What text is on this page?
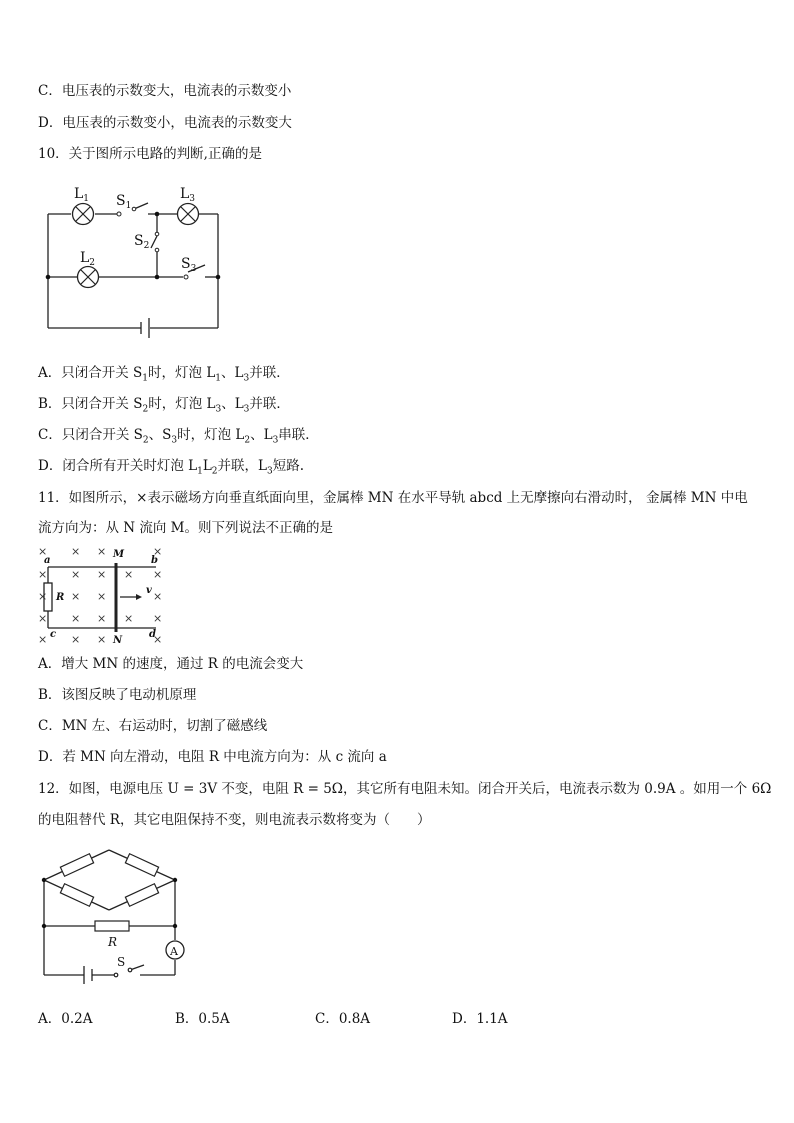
C．电压表的示数变大，电流表的示数变小
D．电压表的示数变小，电流表的示数变大
10．关于图所示电路的判断,正确的是
$L_1$ $S_1$
$L_3$
$S_2$
$L_2$	$S_3$
A．只闭合开关 $S_1$时，灯泡 $L_1$、$L_3$并联．
B．只闭合开关 $S_2$时，灯泡 $L_3$、$L_3$并联．
C．只闭合开关 $S_2$、$S_3$时，灯泡 $L_2$、$L_3$串联．
D．闭合所有开关时灯泡 $L_1L_2$并联，$L_3$短路.
11．如图所示，×表示磁场方向垂直纸面向里，金属棒 MN 在水平导轨 abcd 上无摩擦向右滑动时， 金属棒 MN 中电
流方向为：从 N 流向 M。则下列说法不正确的是
× × ×	×
× × × × ×
× × ×	×
× × × × ×
× × ×	×
M
N
a	b
c	d
R
v
A．增大 MN 的速度，通过 R 的电流会变大
B．该图反映了电动机原理
C．MN 左、右运动时，切割了磁感线
D．若 MN 向左滑动，电阻 R 中电流方向为：从 c 流向 a
12．如图，电源电压 U = 3V 不变，电阻 R = 5Ω，其它所有电阻未知。闭合开关后，电流表示数为 0.9A 。如用一个 6Ω
的电阻替代 R，其它电阻保持不变，则电流表示数将变为（　　）
R
A
S
A．0.2A	B．0.5A	C．0.8A	D．1.1A
